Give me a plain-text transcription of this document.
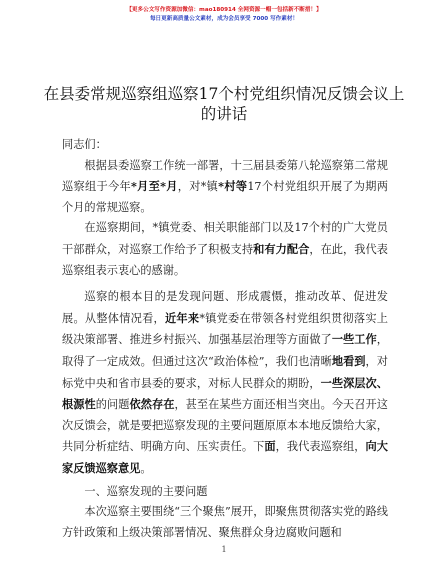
【更多公文写作资源加微信：mao180914 全网资源一帽一包括新不断措！】
每日更新高质量公文素材，成为会员享受 7000 写作素材！
在县委常规巡察组巡察17个村党组织情况反馈会议上的讲话

同志们：

根据县委巡察工作统一部署，十三届县委第八轮巡察第二常规巡察组于今年*月至*月，对*镇*村等17个村党组织开展了为期两个月的常规巡察。

在巡察期间，*镇党委、相关职能部门以及17个村的广大党员干部群众，对巡察工作给予了积极支持和有力配合，在此，我代表巡察组表示衷心的感谢。

巡察的根本目的是发现问题、形成震慑，推动改革、促进发展。从整体情况看，近年来*镇党委在带领各村党组织贯彻落实上级决策部署、推进乡村振兴、加强基层治理等方面做了一些工作，取得了一定成效。但通过这次“政治体检”，我们也清晰地看到，对标党中央和省市县委的要求，对标人民群众的期盼，一些深层次、根源性的问题依然存在，甚至在某些方面还相当突出。今天召开这次反馈会，就是要把巡察发现的主要问题原原本本地反馈给大家，共同分析症结、明确方向、压实责任。下面，我代表巡察组，向大家反馈巡察意见。

一、巡察发现的主要问题

本次巡察主要围绕“三个聚焦”展开，即聚焦贯彻落实党的路线方针政策和上级决策部署情况、聚焦群众身边腐败问题和

1
